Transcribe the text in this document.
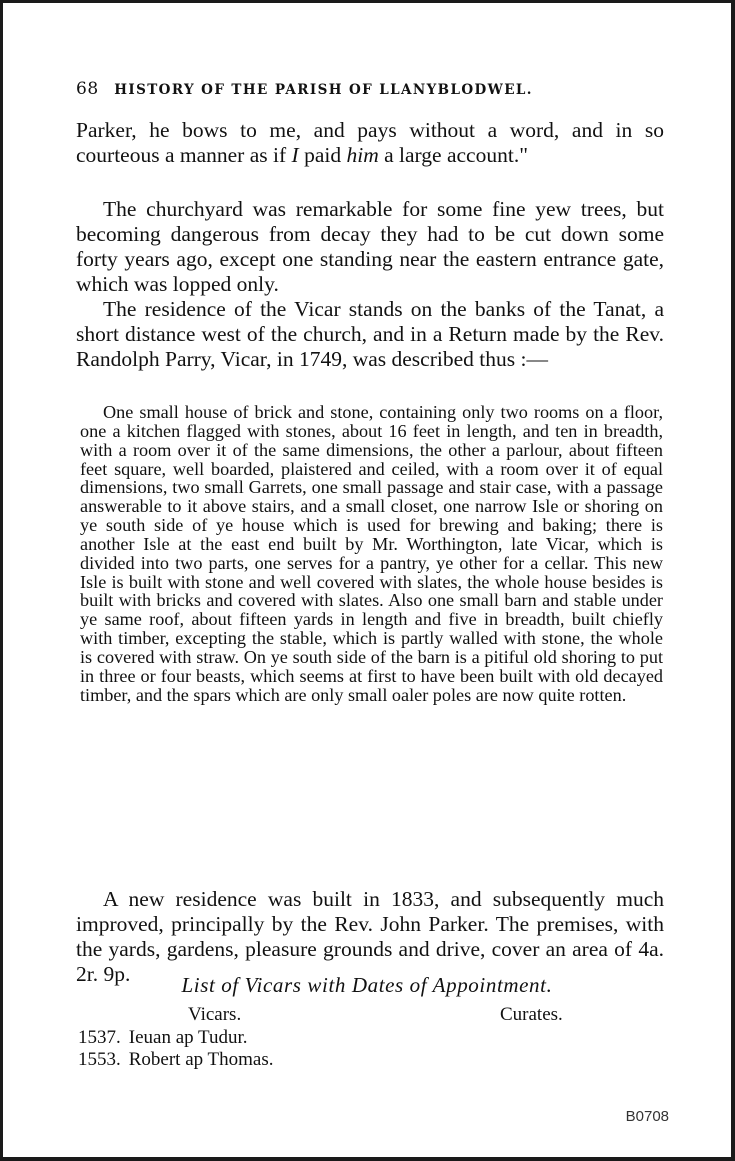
68 HISTORY OF THE PARISH OF LLANYBLODWEL.

Parker, he bows to me, and pays without a word, and in so courteous a manner as if I paid him a large account."

The churchyard was remarkable for some fine yew trees, but becoming dangerous from decay they had to be cut down some forty years ago, except one standing near the eastern entrance gate, which was lopped only.

The residence of the Vicar stands on the banks of the Tanat, a short distance west of the church, and in a Return made by the Rev. Randolph Parry, Vicar, in 1749, was described thus :—

One small house of brick and stone, containing only two rooms on a floor, one a kitchen flagged with stones, about 16 feet in length, and ten in breadth, with a room over it of the same dimensions, the other a parlour, about fifteen feet square, well boarded, plaistered and ceiled, with a room over it of equal dimensions, two small Garrets, one small passage and stair case, with a passage answerable to it above stairs, and a small closet, one narrow Isle or shoring on ye south side of ye house which is used for brewing and baking; there is another Isle at the east end built by Mr. Worthington, late Vicar, which is divided into two parts, one serves for a pantry, ye other for a cellar. This new Isle is built with stone and well covered with slates, the whole house besides is built with bricks and covered with slates. Also one small barn and stable under ye same roof, about fifteen yards in length and five in breadth, built chiefly with timber, excepting the stable, which is partly walled with stone, the whole is covered with straw. On ye south side of the barn is a pitiful old shoring to put in three or four beasts, which seems at first to have been built with old decayed timber, and the spars which are only small oaler poles are now quite rotten.

A new residence was built in 1833, and subsequently much improved, principally by the Rev. John Parker. The premises, with the yards, gardens, pleasure grounds and drive, cover an area of 4a. 2r. 9p.	List of Vicars with Dates of Appointment.
Vicars.	Curates.
1537. Ieuan ap Tudur.
1553. Robert ap Thomas.
B0708
